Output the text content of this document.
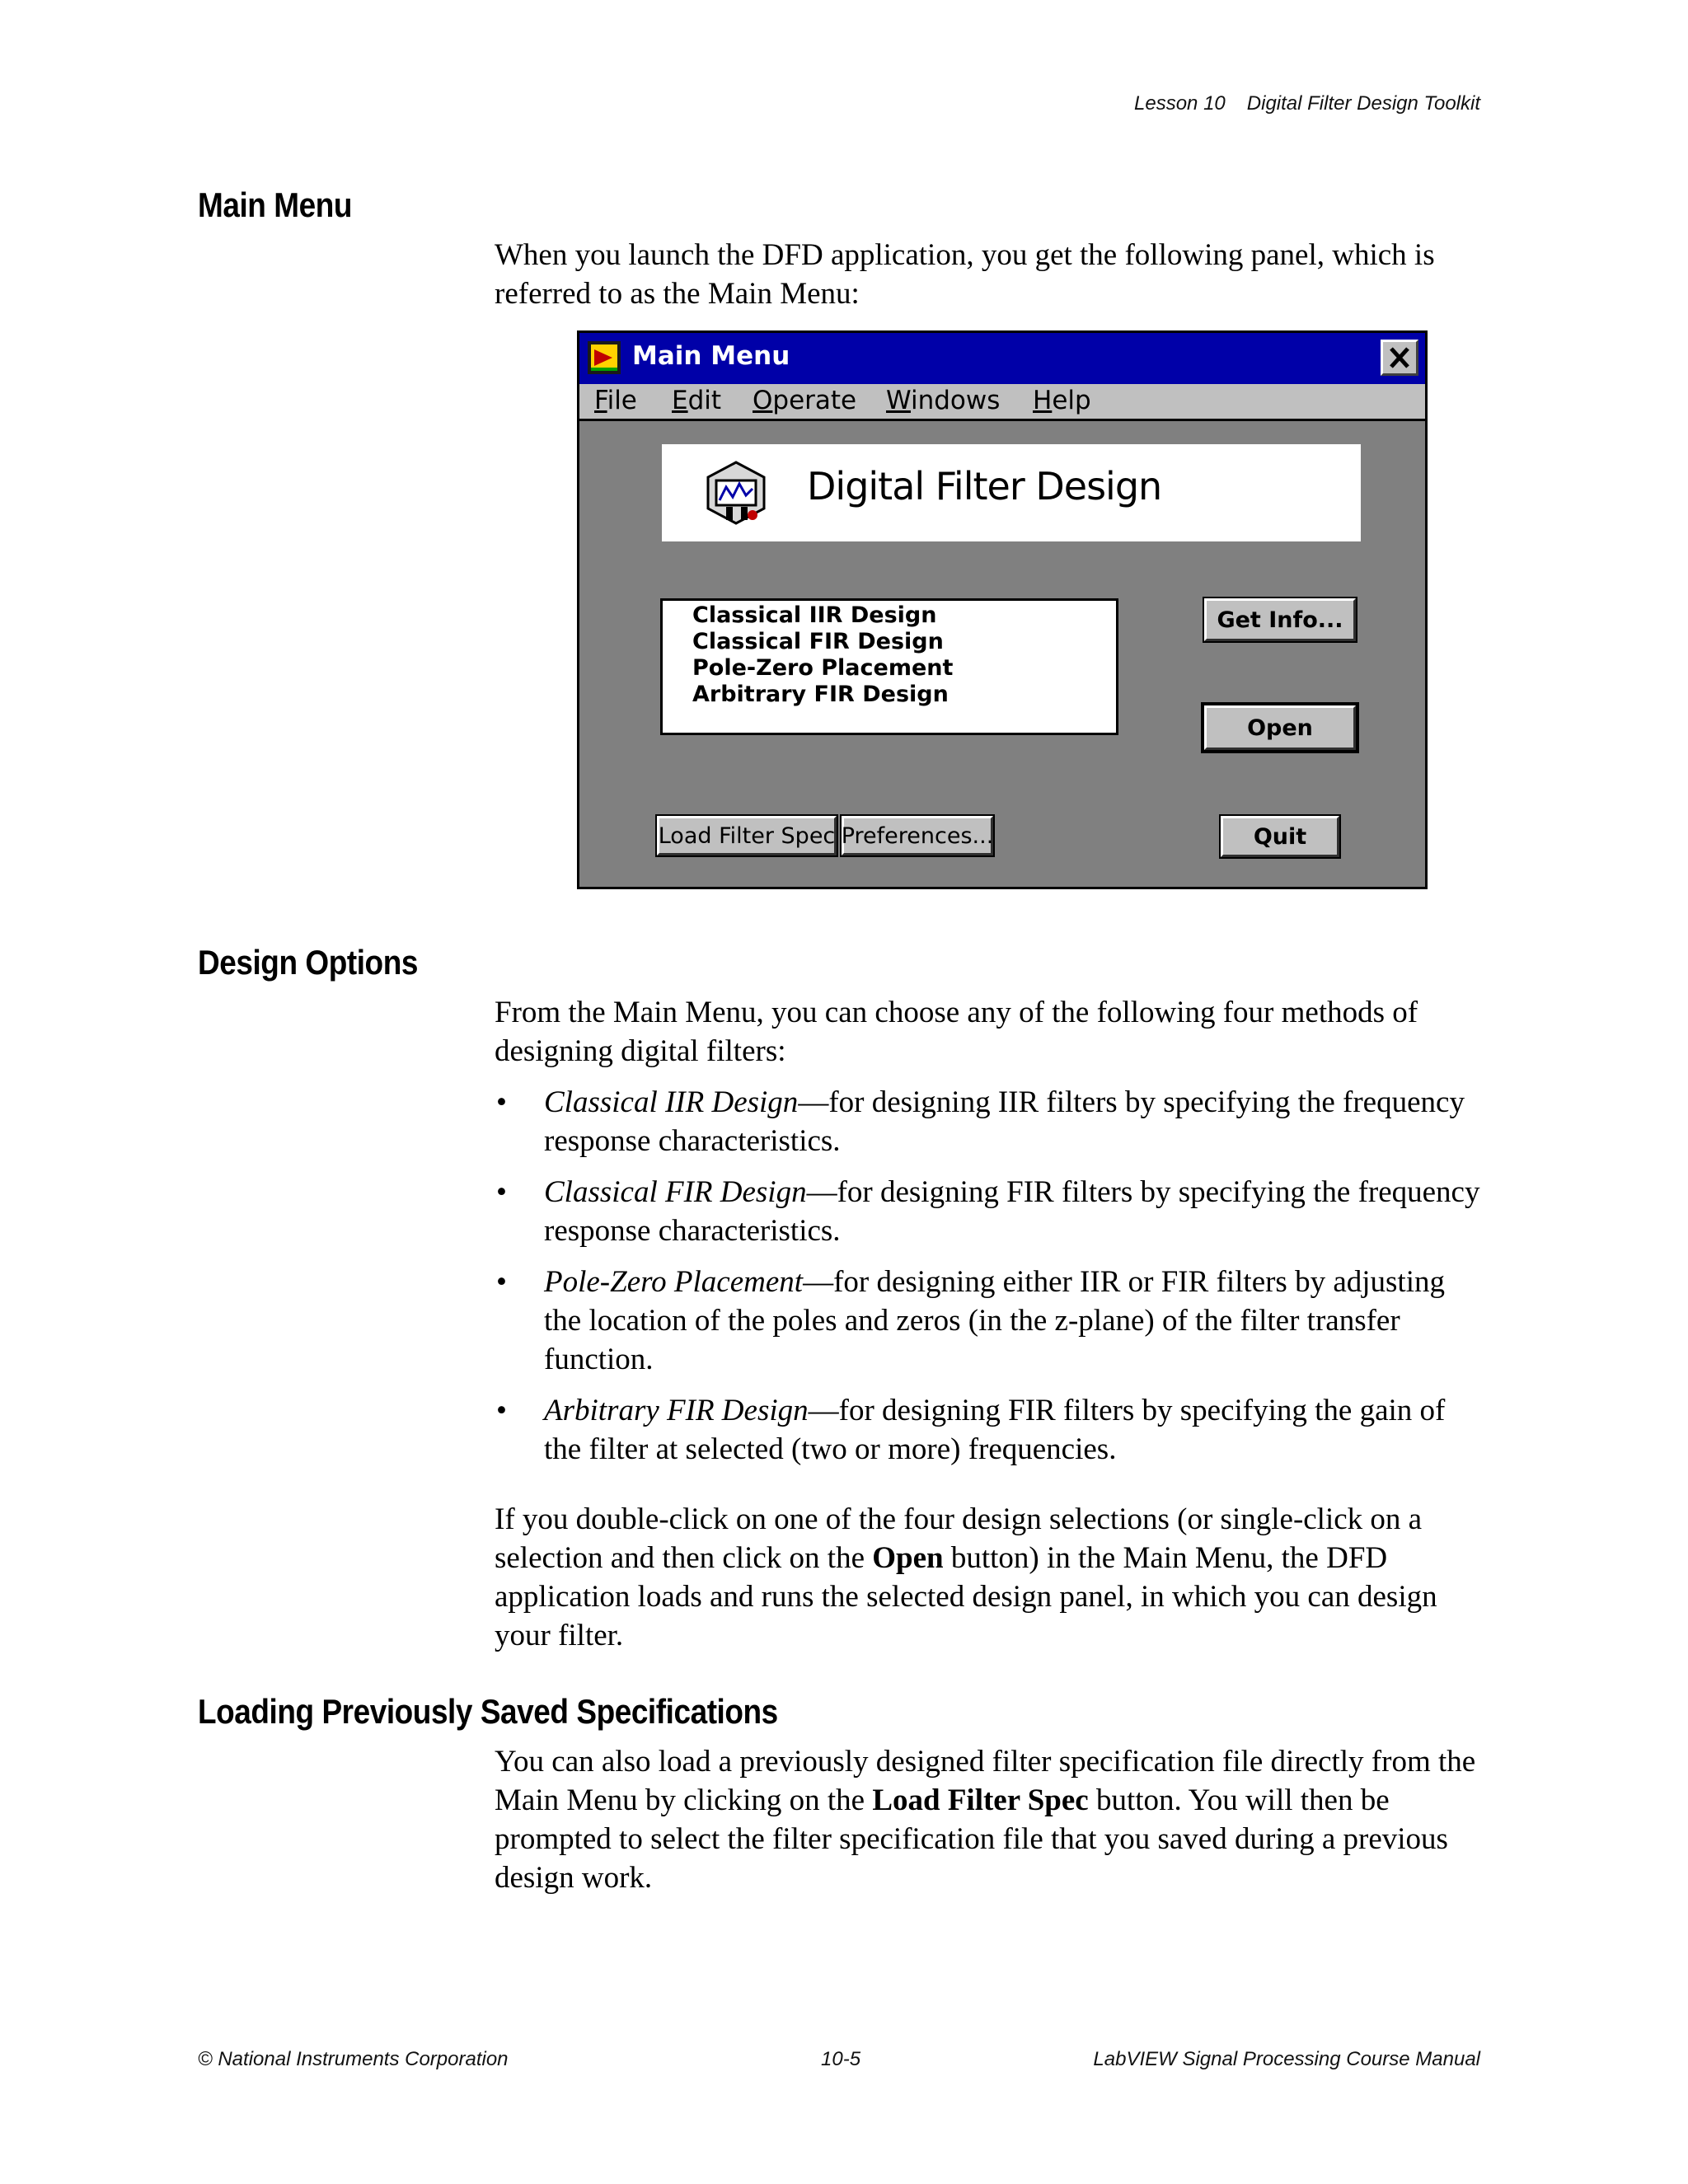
Lesson 10 Digital Filter Design Toolkit
Main Menu

When you launch the DFD application, you get the following panel, which is referred to as the Main Menu:

Main Menu
File Edit Operate Windows Help
Digital Filter Design
Classical IIR Design
Classical FIR Design
Pole-Zero Placement
Arbitrary FIR Design
Get Info...
Open
Load Filter Spec Preferences...	Quit
Design Options

From the Main Menu, you can choose any of the following four methods of designing digital filters:

• Classical IIR Design—for designing IIR filters by specifying the frequency response characteristics.
• Classical FIR Design—for designing FIR filters by specifying the frequency response characteristics.
• Pole-Zero Placement—for designing either IIR or FIR filters by adjusting the location of the poles and zeros (in the z-plane) of the filter transfer function.
• Arbitrary FIR Design—for designing FIR filters by specifying the gain of the filter at selected (two or more) frequencies.

If you double-click on one of the four design selections (or single-click on a selection and then click on the Open button) in the Main Menu, the DFD application loads and runs the selected design panel, in which you can design your filter.

Loading Previously Saved Specifications

You can also load a previously designed filter specification file directly from the Main Menu by clicking on the Load Filter Spec button. You will then be prompted to select the filter specification file that you saved during a previous design work.

© National Instruments Corporation	10-5	LabVIEW Signal Processing Course Manual
